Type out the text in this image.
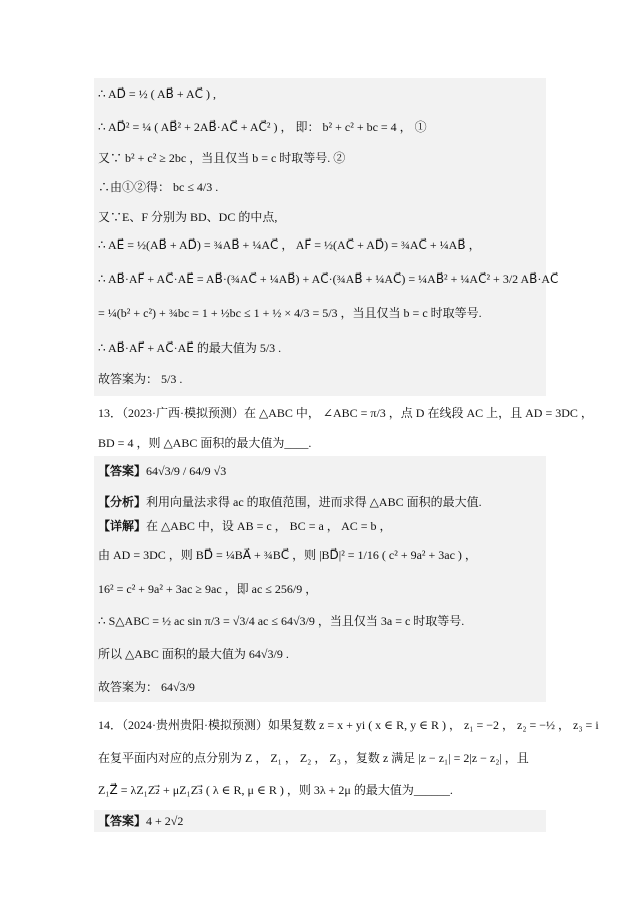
∴ AD⃗ = ½ ( AB⃗ + AC⃗ ) ,
∴ AD⃗² = ¼ ( AB⃗² + 2AB⃗·AC⃗ + AC⃗² ) ， 即： b² + c² + bc = 4 ， ①
又∵ b² + c² ≥ 2bc ，当且仅当 b = c 时取等号. ②
∴由①②得： bc ≤ 4/3 .
又∵E、F 分别为 BD、DC 的中点,
∴ AE⃗ = ½(AB⃗ + AD⃗) = ¾AB⃗ + ¼AC⃗ ， AF⃗ = ½(AC⃗ + AD⃗) = ¾AC⃗ + ¼AB⃗ ，
∴ AB⃗·AF⃗ + AC⃗·AE⃗ = AB⃗·(¾AC⃗ + ¼AB⃗) + AC⃗·(¾AB⃗ + ¼AC⃗) = ¼AB⃗² + ¼AC⃗² + 3/2 AB⃗·AC⃗
= ¼(b² + c²) + ¾bc = 1 + ½bc ≤ 1 + ½ × 4/3 = 5/3 ，当且仅当 b = c 时取等号.
∴ AB⃗·AF⃗ + AC⃗·AE⃗ 的最大值为 5/3 .
故答案为： 5/3 .
13．（2023·广西·模拟预测）在 △ABC 中， ∠ABC = π/3 ，点 D 在线段 AC 上，且 AD = 3DC ，
BD = 4 ，则 △ABC 面积的最大值为____.
【答案】64√3/9 / 64/9 √3
【分析】利用向量法求得 ac 的取值范围，进而求得 △ABC 面积的最大值.
【详解】在 △ABC 中，设 AB = c ， BC = a ， AC = b ，
由 AD = 3DC ，则 BD⃗ = ¼BA⃗ + ¾BC⃗ ，则 |BD⃗|² = 1/16 ( c² + 9a² + 3ac ) ，
16² = c² + 9a² + 3ac ≥ 9ac ，即 ac ≤ 256/9 ，
∴ S△ABC = ½ ac sin π/3 = √3/4 ac ≤ 64√3/9 ，当且仅当 3a = c 时取等号.
所以 △ABC 面积的最大值为 64√3/9 .
故答案为： 64√3/9
14．（2024·贵州贵阳·模拟预测）如果复数 z = x + yi ( x ∈ R, y ∈ R ) ， z₁ = −2 ， z₂ = −½ ， z₃ = i
在复平面内对应的点分别为 Z ， Z₁ ， Z₂ ， Z₃ ，复数 z 满足 |z − z₁| = 2|z − z₂| ，且
Z₁Z⃗ = λZ₁Z₂⃗ + μZ₁Z₃⃗ ( λ ∈ R, μ ∈ R ) ，则 3λ + 2μ 的最大值为______.
【答案】4 + 2√2
